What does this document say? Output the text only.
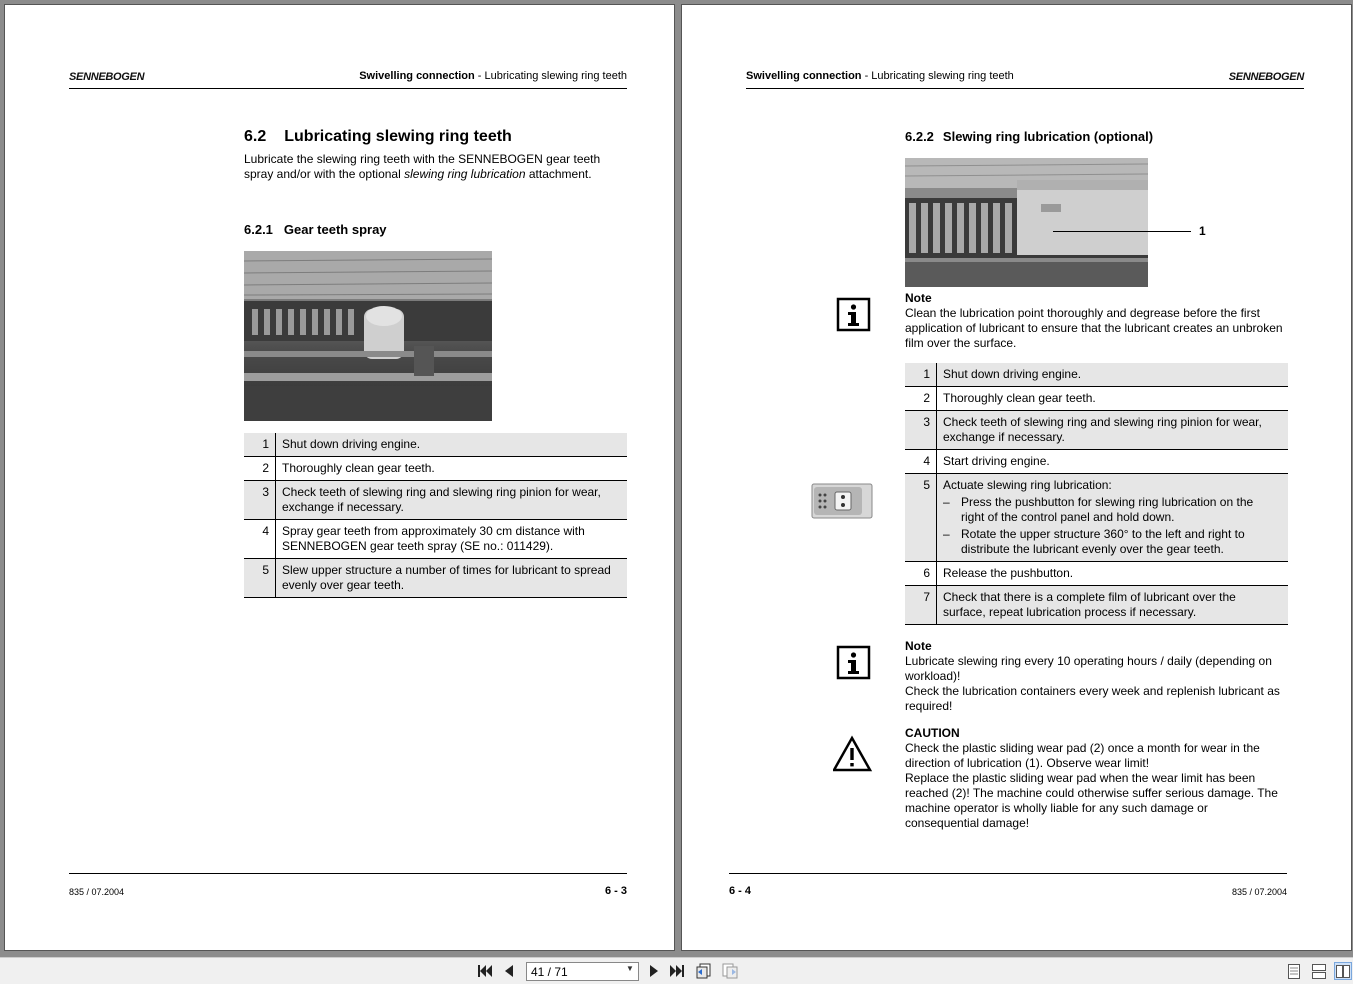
SENNEBOGEN	Swivelling connection - Lubricating slewing ring teeth
6.2 Lubricating slewing ring teeth
Lubricate the slewing ring teeth with the SENNEBOGEN gear teeth
spray and/or with the optional slewing ring lubrication attachment.
6.2.1 Gear teeth spray
1	Shut down driving engine.
2	Thoroughly clean gear teeth.
3	Check teeth of slewing ring and slewing ring pinion for wear,
exchange if necessary.
4	Spray gear teeth from approximately 30 cm distance with
SENNEBOGEN gear teeth spray (SE no.: 011429).
5	Slew upper structure a number of times for lubricant to spread
evenly over gear teeth.
835 / 07.2004	6 - 3
Swivelling connection - Lubricating slewing ring teeth	SENNEBOGEN
6.2.2 Slewing ring lubrication (optional)
1
Note
Clean the lubrication point thoroughly and degrease before the first
application of lubricant to ensure that the lubricant creates an unbroken
film over the surface.
1	Shut down driving engine.
2	Thoroughly clean gear teeth.
3	Check teeth of slewing ring and slewing ring pinion for wear,
exchange if necessary.
4	Start driving engine.
5	Actuate slewing ring lubrication:
– Press the pushbutton for slewing ring lubrication on the
right of the control panel and hold down.
– Rotate the upper structure 360° to the left and right to
distribute the lubricant evenly over the gear teeth.
6	Release the pushbutton.
7	Check that there is a complete film of lubricant over the
surface, repeat lubrication process if necessary.
Note
Lubricate slewing ring every 10 operating hours / daily (depending on
workload)!
Check the lubrication containers every week and replenish lubricant as
required!
CAUTION
Check the plastic sliding wear pad (2) once a month for wear in the
direction of lubrication (1). Observe wear limit!
Replace the plastic sliding wear pad when the wear limit has been
reached (2)! The machine could otherwise suffer serious damage. The
machine operator is wholly liable for any such damage or
consequential damage!
6 - 4	835 / 07.2004
41 / 71
▼
